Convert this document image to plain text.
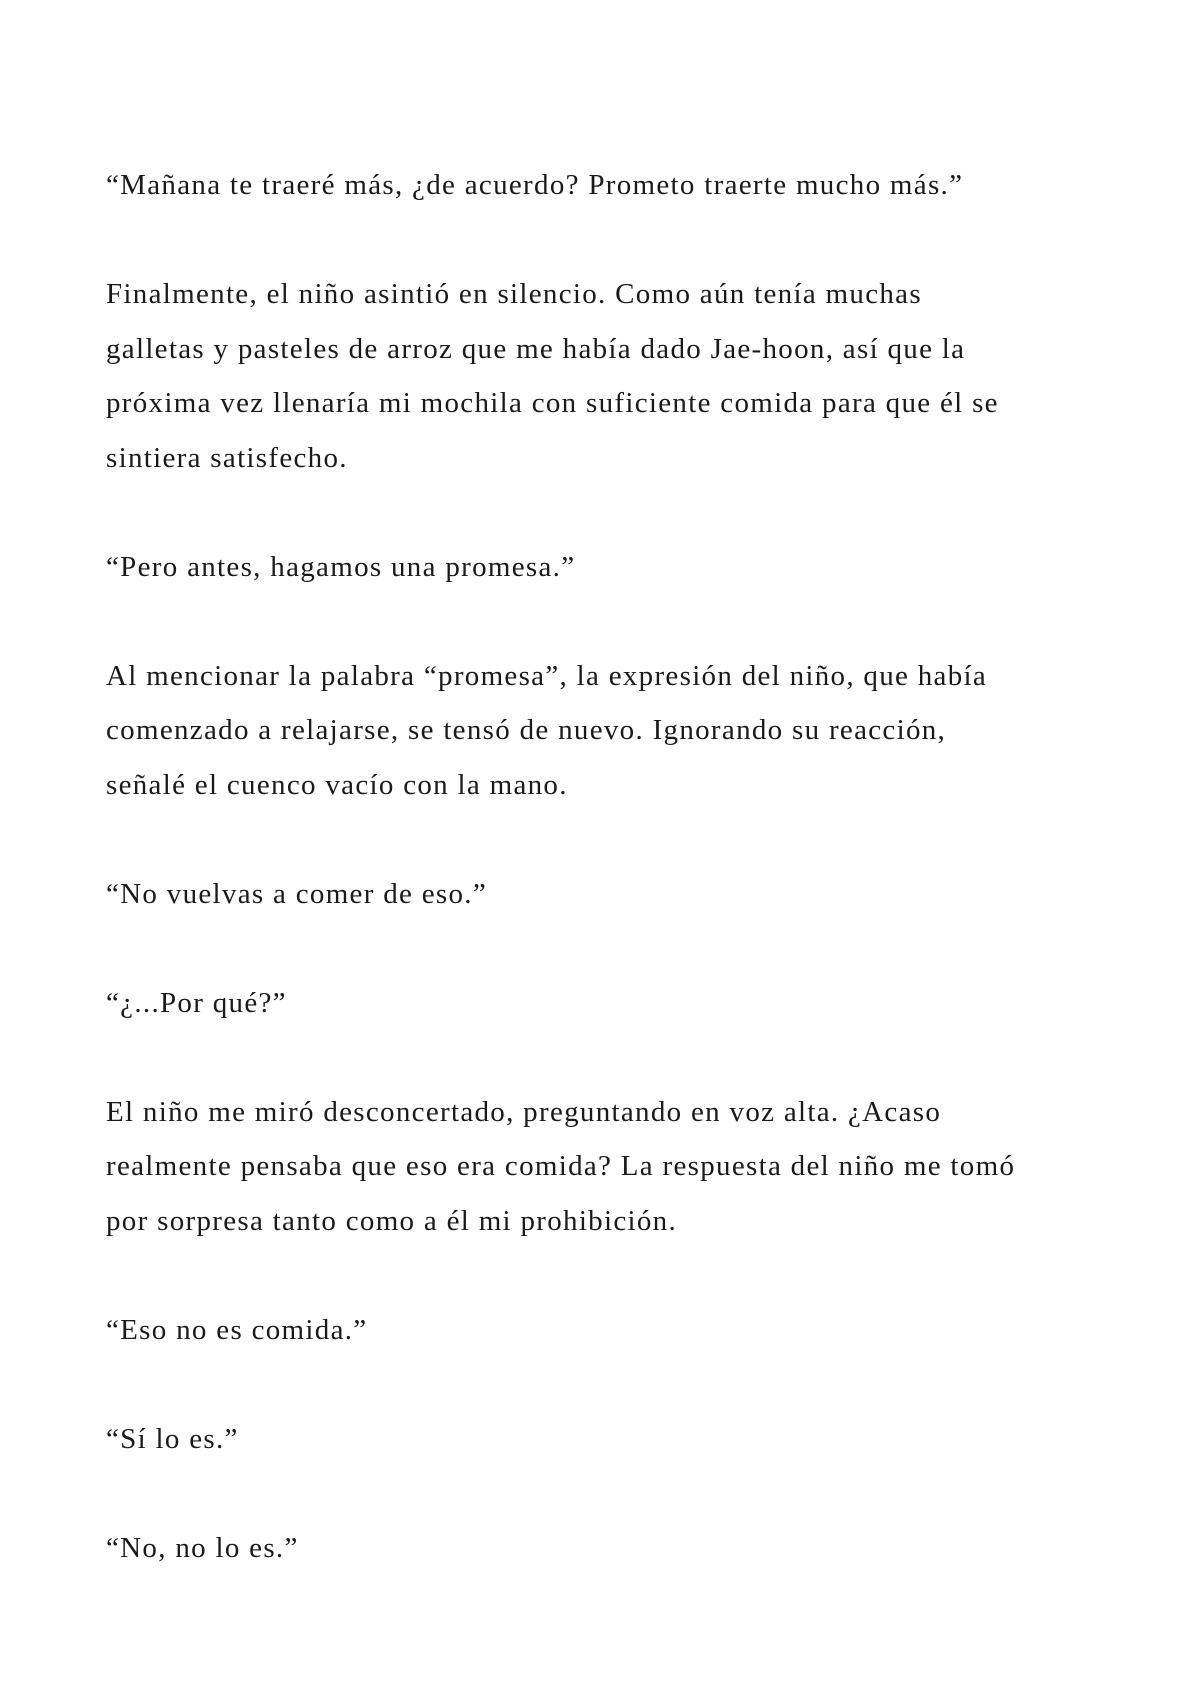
“Mañana te traeré más, ¿de acuerdo? Prometo traerte mucho más.”

Finalmente, el niño asintió en silencio. Como aún tenía muchas
galletas y pasteles de arroz que me había dado Jae-hoon, así que la
próxima vez llenaría mi mochila con suficiente comida para que él se
sintiera satisfecho.

“Pero antes, hagamos una promesa.”

Al mencionar la palabra “promesa”, la expresión del niño, que había
comenzado a relajarse, se tensó de nuevo. Ignorando su reacción,
señalé el cuenco vacío con la mano.

“No vuelvas a comer de eso.”

“¿...Por qué?”

El niño me miró desconcertado, preguntando en voz alta. ¿Acaso
realmente pensaba que eso era comida? La respuesta del niño me tomó
por sorpresa tanto como a él mi prohibición.

“Eso no es comida.”

“Sí lo es.”

“No, no lo es.”
